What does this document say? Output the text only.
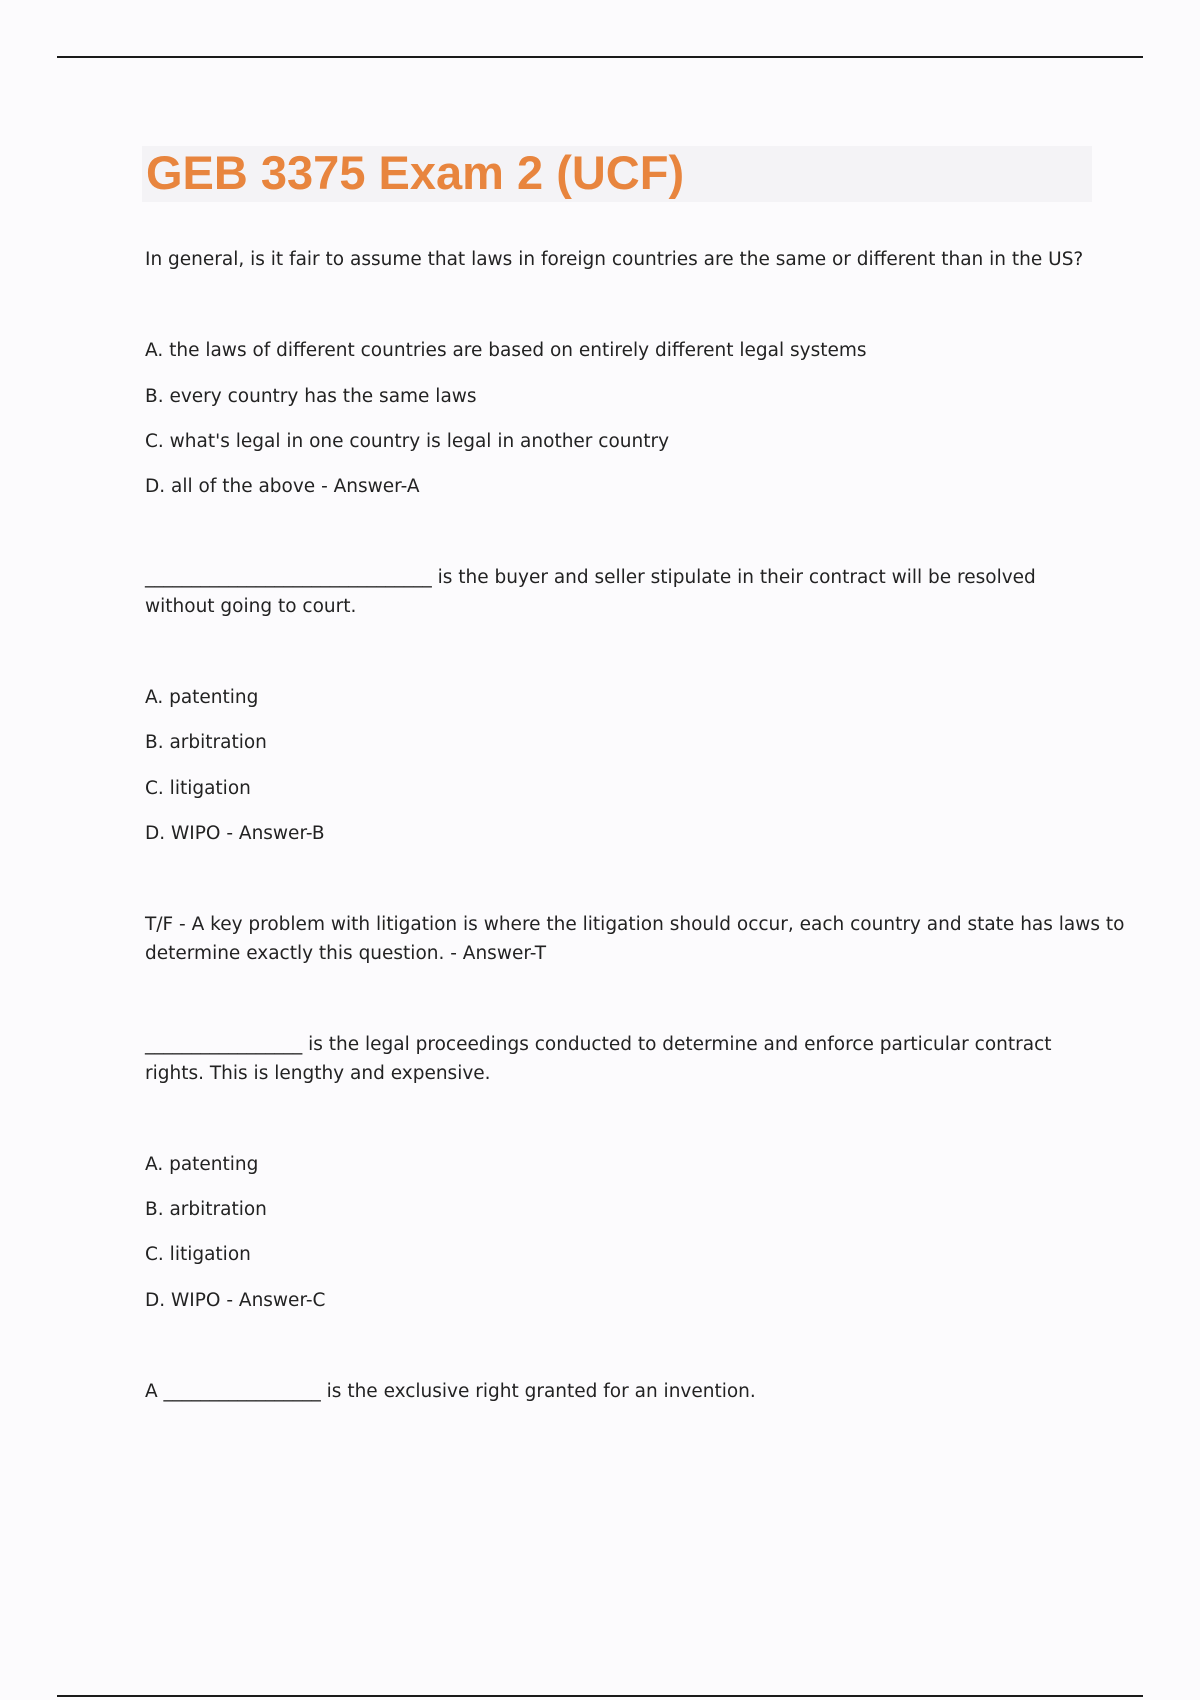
GEB 3375 Exam 2 (UCF)
In general, is it fair to assume that laws in foreign countries are the same or different than in the US?
A. the laws of different countries are based on entirely different legal systems
B. every country has the same laws
C. what's legal in one country is legal in another country
D. all of the above - Answer-A
_______________________________ is the buyer and seller stipulate in their contract will be resolved
without going to court.
A. patenting
B. arbitration
C. litigation
D. WIPO - Answer-B
T/F - A key problem with litigation is where the litigation should occur, each country and state has laws to
determine exactly this question. - Answer-T
_________________ is the legal proceedings conducted to determine and enforce particular contract
rights. This is lengthy and expensive.
A. patenting
B. arbitration
C. litigation
D. WIPO - Answer-C
A _________________ is the exclusive right granted for an invention.
